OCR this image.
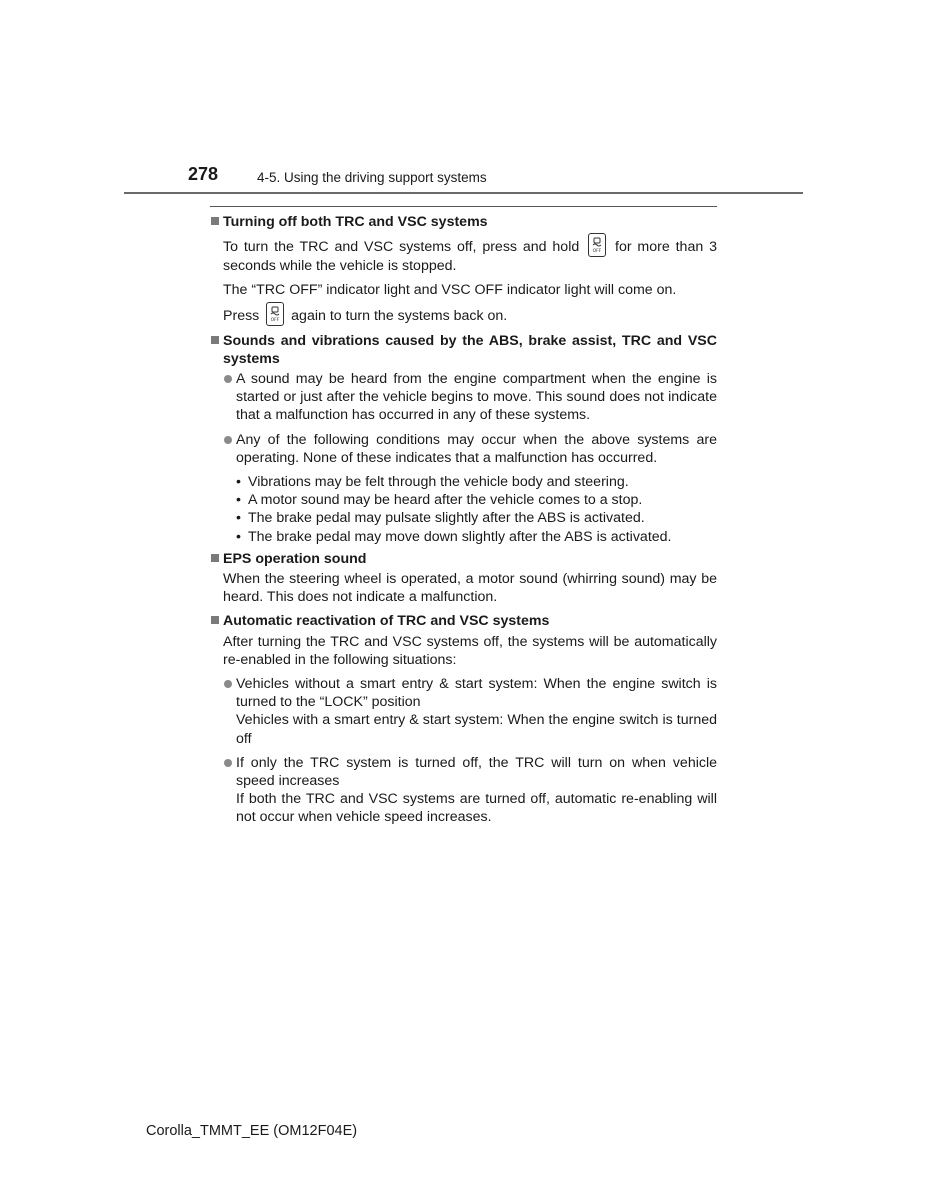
278	4-5. Using the driving support systems

Turning off both TRC and VSC systems

To turn the TRC and VSC systems off, press and hold	OFF for more than 3 seconds while the vehicle is stopped.

The “TRC OFF” indicator light and VSC OFF indicator light will come on.

Press	OFF again to turn the systems back on.

Sounds and vibrations caused by the ABS, brake assist, TRC and VSC systems

A sound may be heard from the engine compartment when the engine is started or just after the vehicle begins to move. This sound does not indicate that a malfunction has occurred in any of these systems.
Any of the following conditions may occur when the above systems are operating. None of these indicates that a malfunction has occurred.
• Vibrations may be felt through the vehicle body and steering.
• A motor sound may be heard after the vehicle comes to a stop.
• The brake pedal may pulsate slightly after the ABS is activated.
• The brake pedal may move down slightly after the ABS is activated.

EPS operation sound

When the steering wheel is operated, a motor sound (whirring sound) may be heard. This does not indicate a malfunction.

Automatic reactivation of TRC and VSC systems

After turning the TRC and VSC systems off, the systems will be automatically re-enabled in the following situations:

Vehicles without a smart entry & start system: When the engine switch is turned to the “LOCK” position

Vehicles with a smart entry & start system: When the engine switch is turned off

If only the TRC system is turned off, the TRC will turn on when vehicle speed increases

If both the TRC and VSC systems are turned off, automatic re-enabling will not occur when vehicle speed increases.

Corolla_TMMT_EE (OM12F04E)
